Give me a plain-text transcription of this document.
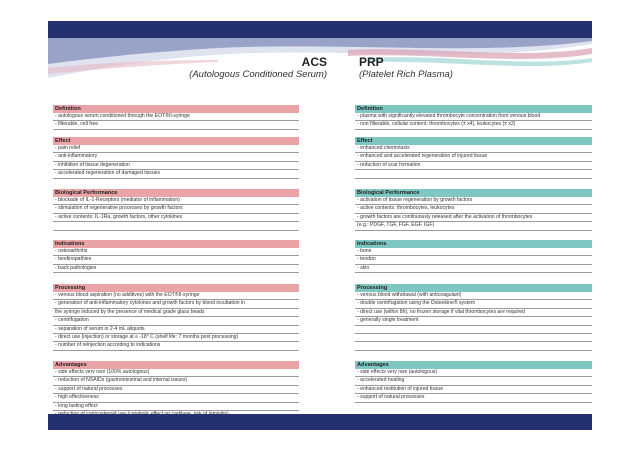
ACS
(Autologous Conditioned Serum)
PRP
(Platelet Rich Plasma)
Definition
- autologous serum conditioned through the EOT®II-syringe
- filterable, cell free
Effect
- pain relief
- anti-inflammatory
- inhibition of tissue degeneration
- accelerated regeneration of damaged tissues
Biological Performance
- blockade of IL-1-Receptors (mediator of inflammation)
- stimulation of regenerative processes by growth factors
- active contents: IL-1Ra, growth factors, other cytokines
Indications
- osteoarthritis
- tendinopathies
- back pathologies
Processing
- venous blood aspiration (no additives) with the EOT®II-syringe
- generation of anti-inflammatory cytokines and growth factors by blood incubation in
the syringe induced by the presence of medical grade glass beads
- centrifugation
- separation of serum in 2-4 mL aliquots
- direct use (injection) or storage at ≤ -18° C (shelf life: 7 months post processing)
- number of reinjection according to indications
Advantages
- side effects very rare (100% autologous)
- reduction of NSAIDs (gastrointestinal and internal issues)
- support of natural processes
- high effectiveness
- long lasting effect
Definition
- plasma with significantly elevated thrombocyte concentration from venous blood
- non filterable, cellular content: thrombocytes (± x4), leukocytes (± x2)
Effect
- enhanced chemotaxis
- enhanced and accelerated regeneration of injured tissue
- reduction of scar formation
Biological Performance
- activation of tissue regeneration by growth factors
- active contents: thrombocytes, leukocytes
- growth factors are continuously released after the activation of thrombocytes
(e.g.: PDGF, TGF, FGF, EGF, IGF)
Indications
- bone
- tendon
- skin
Processing
- venous blood withdrawal (with anticoagulant)
- double centrifugation using the Osteokine® system
- direct use (within 8h), no frozen storage if vital thrombocytes are required
- generally single treatment
Advantages
- side effects very rare (autologous)
- accelerated healing
- enhanced restitution of injured tissue
- support of natural processes
